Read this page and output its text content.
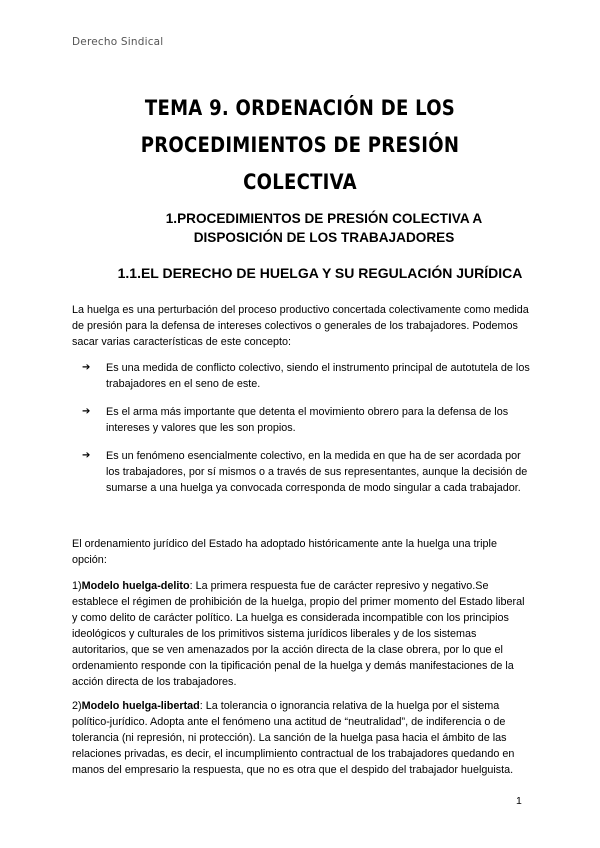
Derecho Sindical
TEMA 9. ORDENACIÓN DE LOS
PROCEDIMIENTOS DE PRESIÓN COLECTIVA
1.PROCEDIMIENTOS DE PRESIÓN COLECTIVA A
DISPOSICIÓN DE LOS TRABAJADORES
1.1.EL DERECHO DE HUELGA Y SU REGULACIÓN JURÍDICA
La huelga es una perturbación del proceso productivo concertada colectivamente como medida de presión para la defensa de intereses colectivos o generales de los trabajadores. Podemos sacar varias características de este concepto:
➔	Es una medida de conflicto colectivo, siendo el instrumento principal de autotutela de los trabajadores en el seno de este.
➔	Es el arma más importante que detenta el movimiento obrero para la defensa de los intereses y valores que les son propios.
➔	Es un fenómeno esencialmente colectivo, en la medida en que ha de ser acordada por los trabajadores, por sí mismos o a través de sus representantes, aunque la decisión de sumarse a una huelga ya convocada corresponda de modo singular a cada trabajador.
El ordenamiento jurídico del Estado ha adoptado históricamente ante la huelga una triple opción:
1)Modelo huelga-delito: La primera respuesta fue de carácter represivo y negativo.Se establece el régimen de prohibición de la huelga, propio del primer momento del Estado liberal y como delito de carácter político. La huelga es considerada incompatible con los principios ideológicos y culturales de los primitivos sistema jurídicos liberales y de los sistemas autoritarios, que se ven amenazados por la acción directa de la clase obrera, por lo que el ordenamiento responde con la tipificación penal de la huelga y demás manifestaciones de la acción directa de los trabajadores.
2)Modelo huelga-libertad: La tolerancia o ignorancia relativa de la huelga por el sistema político-jurídico. Adopta ante el fenómeno una actitud de “neutralidad”, de indiferencia o de tolerancia (ni represión, ni protección). La sanción de la huelga pasa hacia el ámbito de las relaciones privadas, es decir, el incumplimiento contractual de los trabajadores quedando en manos del empresario la respuesta, que no es otra que el despido del trabajador huelguista.
1
